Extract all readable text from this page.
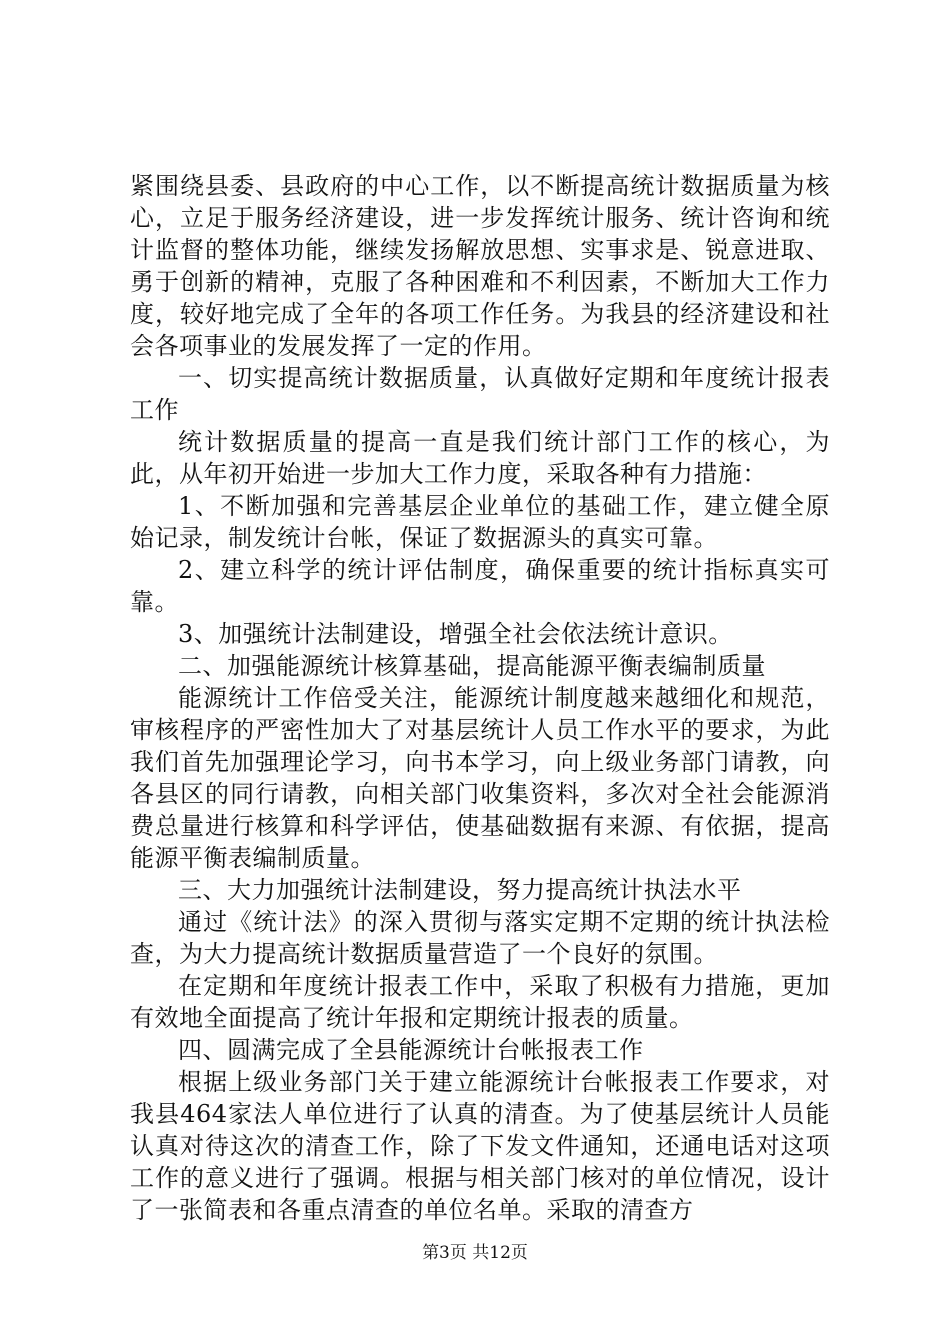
紧围绕县委、县政府的中心工作，以不断提高统计数据质量为核心，立足于服务经济建设，进一步发挥统计服务、统计咨询和统计监督的整体功能，继续发扬解放思想、实事求是、锐意进取、勇于创新的精神，克服了各种困难和不利因素，不断加大工作力度，较好地完成了全年的各项工作任务。为我县的经济建设和社会各项事业的发展发挥了一定的作用。

一、切实提高统计数据质量，认真做好定期和年度统计报表工作

统计数据质量的提高一直是我们统计部门工作的核心，为此，从年初开始进一步加大工作力度，采取各种有力措施：

1、不断加强和完善基层企业单位的基础工作，建立健全原始记录，制发统计台帐，保证了数据源头的真实可靠。

2、建立科学的统计评估制度，确保重要的统计指标真实可靠。

3、加强统计法制建设，增强全社会依法统计意识。

二、加强能源统计核算基础，提高能源平衡表编制质量

能源统计工作倍受关注，能源统计制度越来越细化和规范，审核程序的严密性加大了对基层统计人员工作水平的要求，为此我们首先加强理论学习，向书本学习，向上级业务部门请教，向各县区的同行请教，向相关部门收集资料，多次对全社会能源消费总量进行核算和科学评估，使基础数据有来源、有依据，提高能源平衡表编制质量。

三、大力加强统计法制建设，努力提高统计执法水平

通过《统计法》的深入贯彻与落实定期不定期的统计执法检查，为大力提高统计数据质量营造了一个良好的氛围。

在定期和年度统计报表工作中，采取了积极有力措施，更加有效地全面提高了统计年报和定期统计报表的质量。

四、圆满完成了全县能源统计台帐报表工作

根据上级业务部门关于建立能源统计台帐报表工作要求，对我县464家法人单位进行了认真的清查。为了使基层统计人员能认真对待这次的清查工作，除了下发文件通知，还通电话对这项工作的意义进行了强调。根据与相关部门核对的单位情况，设计了一张简表和各重点清查的单位名单。采取的清查方

第3页 共12页
